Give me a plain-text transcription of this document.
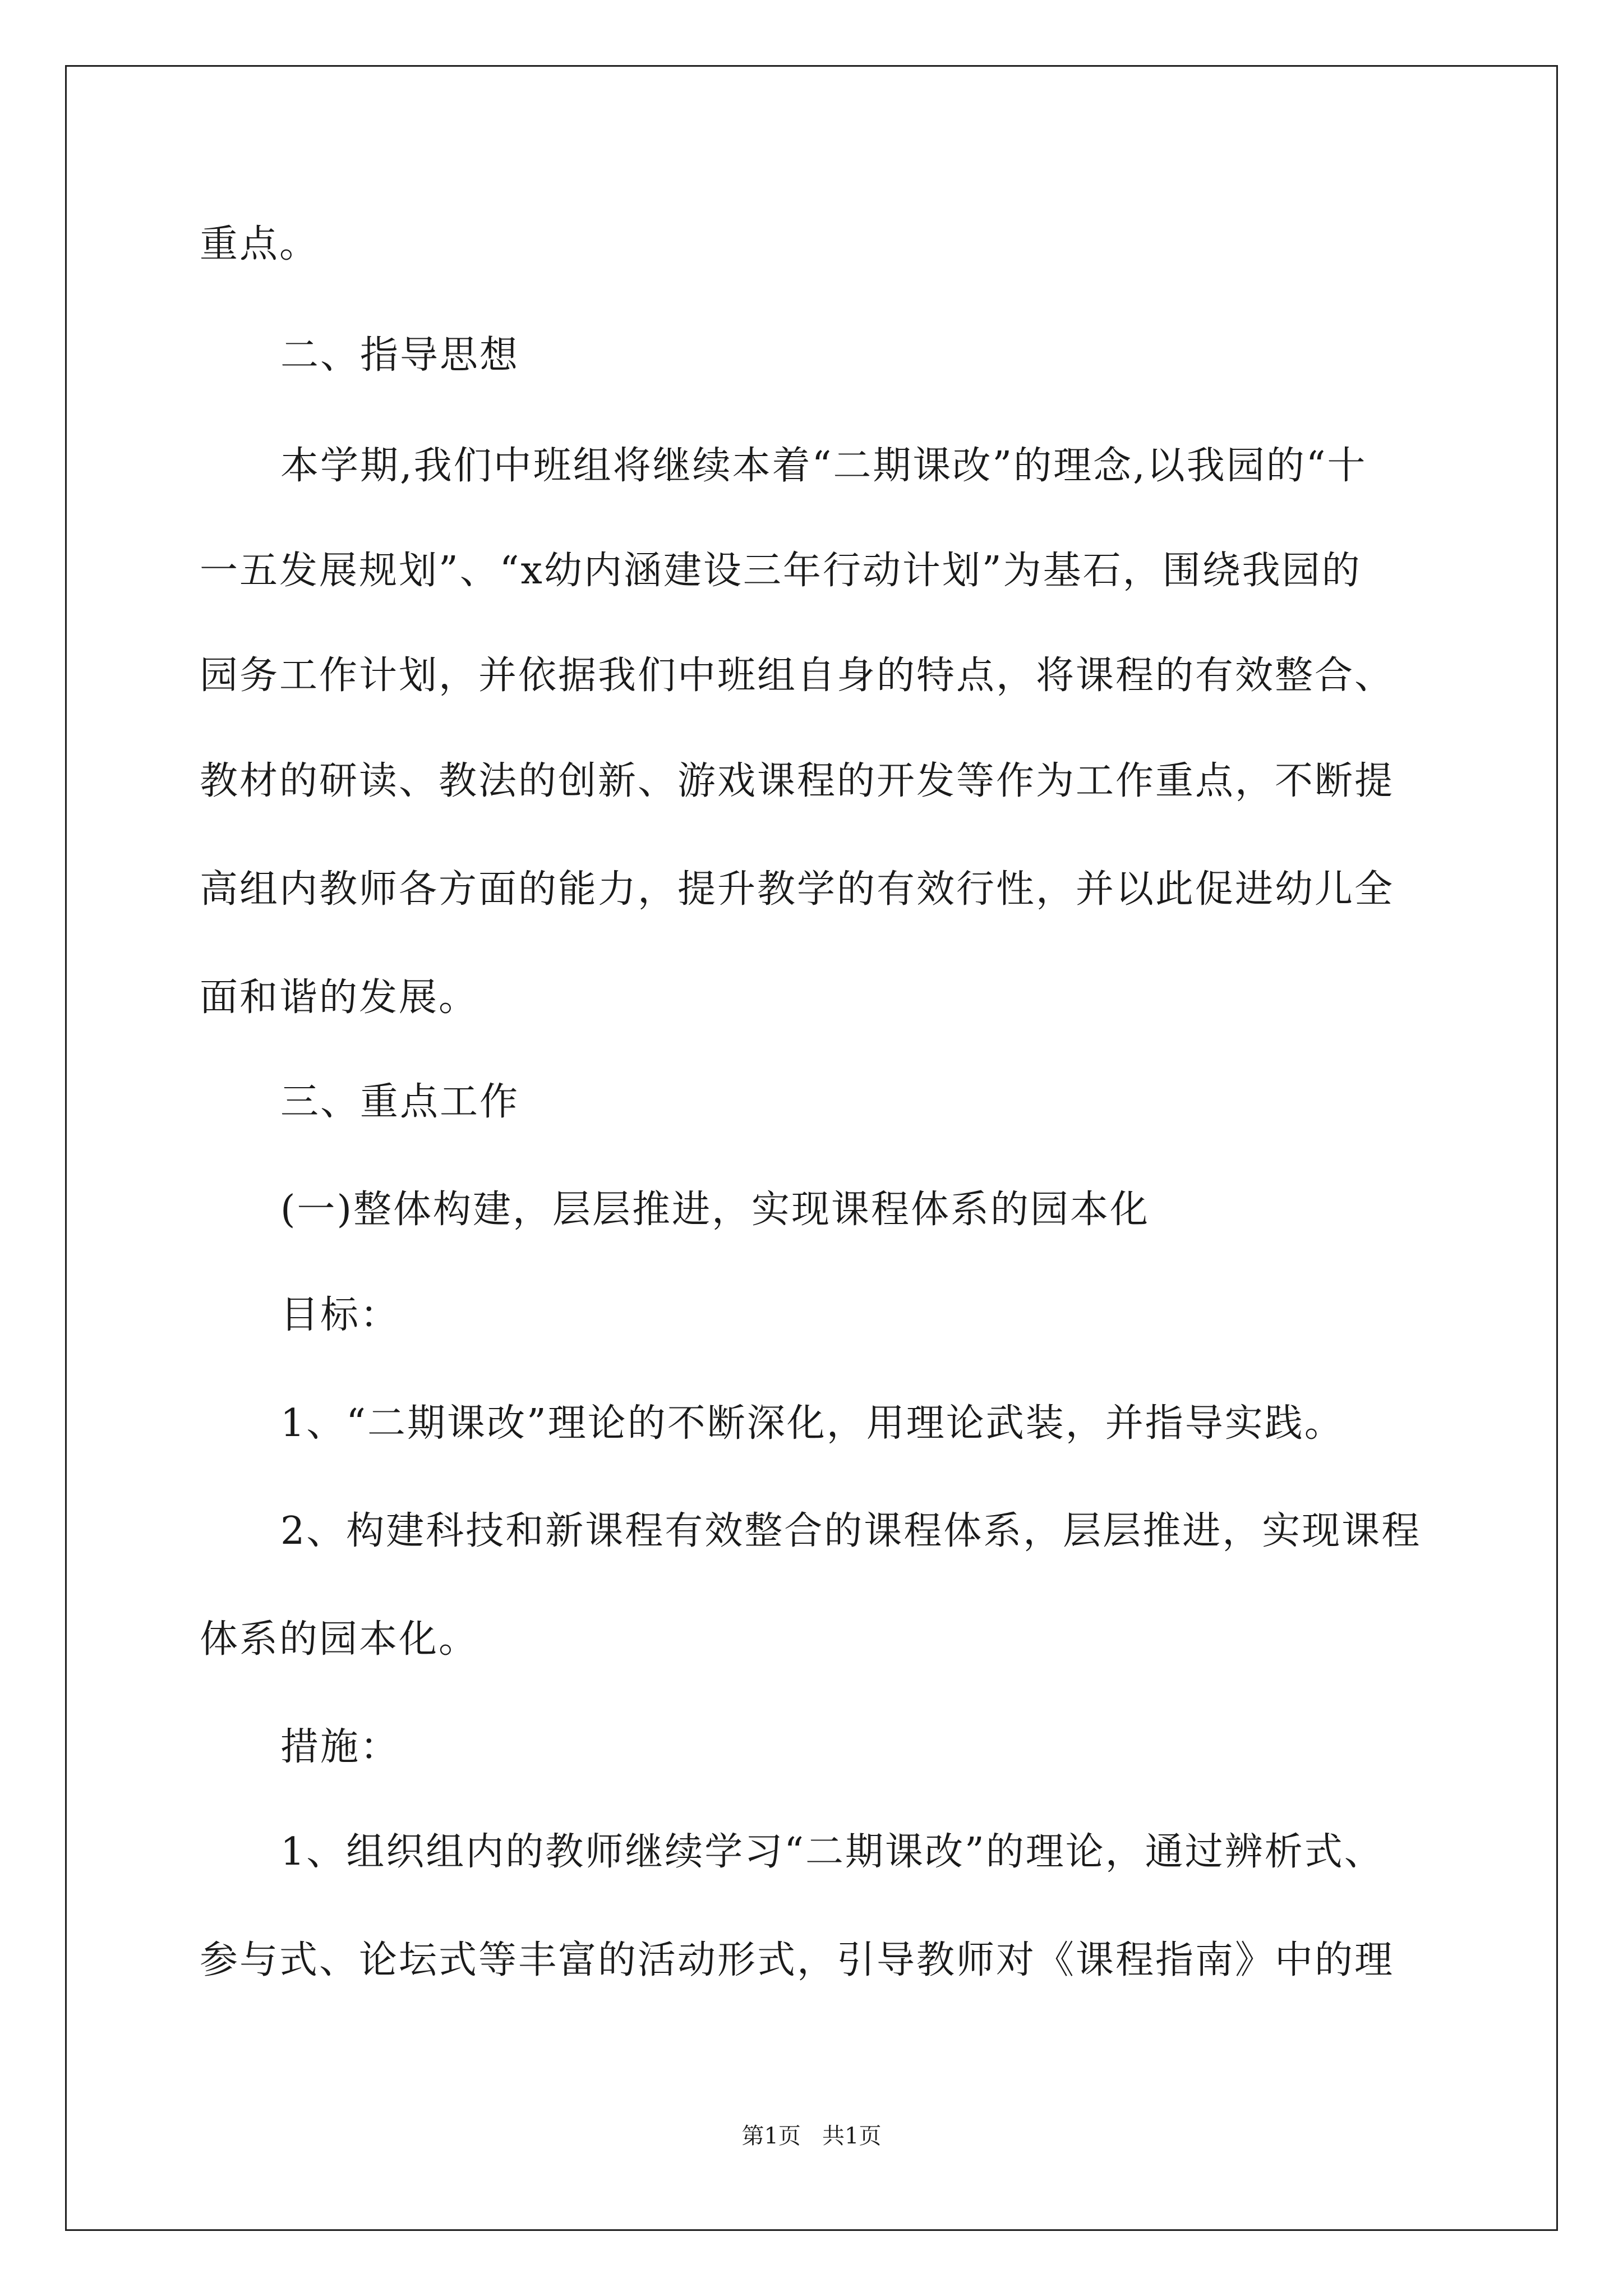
重点。
二、指导思想
本学期,我们中班组将继续本着“二期课改”的理念,以我园的“十
一五发展规划”、“x幼内涵建设三年行动计划”为基石，围绕我园的
园务工作计划，并依据我们中班组自身的特点，将课程的有效整合、
教材的研读、教法的创新、游戏课程的开发等作为工作重点，不断提
高组内教师各方面的能力，提升教学的有效行性，并以此促进幼儿全
面和谐的发展。
三、重点工作
(一)整体构建，层层推进，实现课程体系的园本化
目标：
1、“二期课改”理论的不断深化，用理论武装，并指导实践。
2、构建科技和新课程有效整合的课程体系，层层推进，实现课程
体系的园本化。
措施：
1、组织组内的教师继续学习“二期课改”的理论，通过辨析式、
参与式、论坛式等丰富的活动形式，引导教师对《课程指南》中的理
第1页   共1页
